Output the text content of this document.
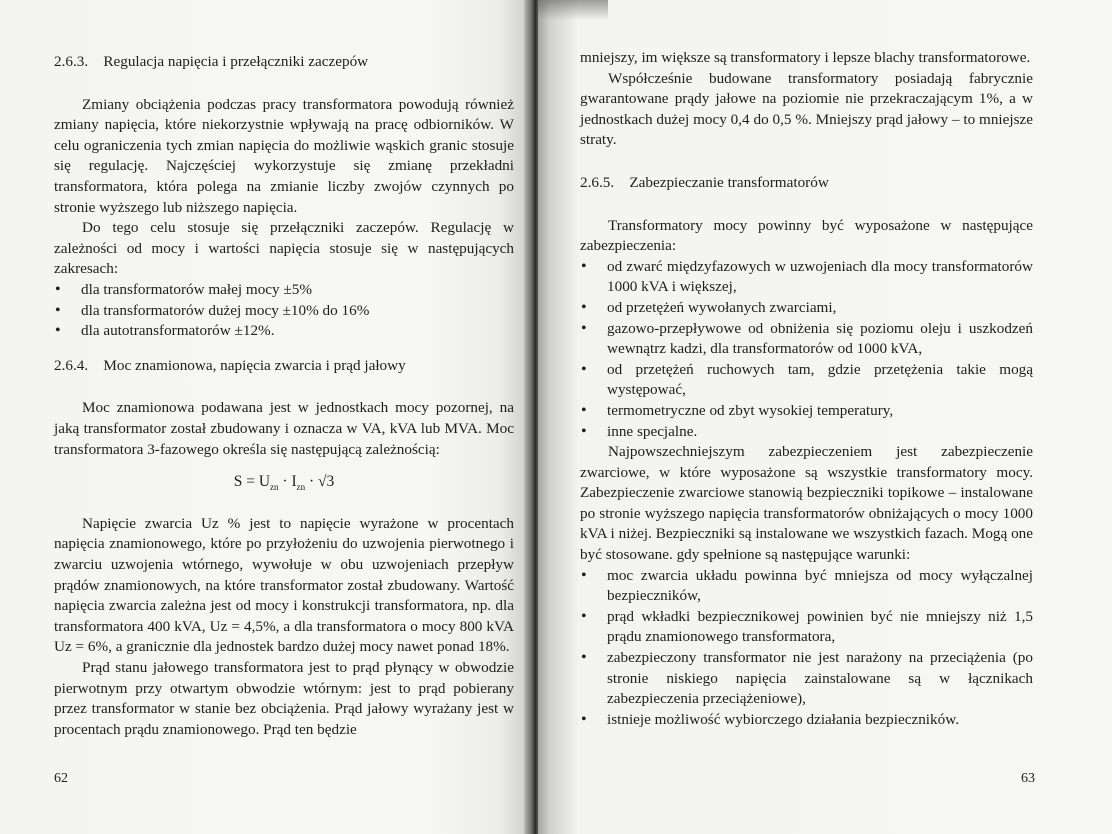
2.6.3. Regulacja napięcia i przełączniki zaczepów

Zmiany obciążenia podczas pracy transformatora powodują również zmiany napięcia, które niekorzystnie wpływają na pracę odbiorników. W celu ograniczenia tych zmian napięcia do możliwie wąskich granic stosuje się regulację. Najczęściej wykorzystuje się zmianę przekładni transformatora, która polega na zmianie liczby zwojów czynnych po stronie wyższego lub niższego napięcia.

Do tego celu stosuje się przełączniki zaczepów. Regulację w zależności od mocy i wartości napięcia stosuje się w następujących zakresach:

• dla transformatorów małej mocy ±5%
• dla transformatorów dużej mocy ±10% do 16%
• dla autotransformatorów ±12%.
2.6.4. Moc znamionowa, napięcia zwarcia i prąd jałowy

Moc znamionowa podawana jest w jednostkach mocy pozornej, na jaką transformator został zbudowany i oznacza w VA, kVA lub MVA. Moc transformatora 3-fazowego określa się następującą zależnością:

$S = U_{zn} \cdot I_{zn} \cdot √3$

Napięcie zwarcia Uz % jest to napięcie wyrażone w procentach napięcia znamionowego, które po przyłożeniu do uzwojenia pierwotnego i zwarciu uzwojenia wtórnego, wywołuje w obu uzwojeniach przepływ prądów znamionowych, na które transformator został zbudowany. Wartość napięcia zwarcia zależna jest od mocy i konstrukcji transformatora, np. dla transformatora 400 kVA, Uz = 4,5%, a dla transformatora o mocy 800 kVA Uz = 6%, a granicznie dla jednostek bardzo dużej mocy nawet ponad 18%.

Prąd stanu jałowego transformatora jest to prąd płynący w obwodzie pierwotnym przy otwartym obwodzie wtórnym: jest to prąd pobierany przez transformator w stanie bez obciążenia. Prąd jałowy wyrażany jest w procentach prądu znamionowego. Prąd ten będzie

62	63

mniejszy, im większe są transformatory i lepsze blachy transformatorowe.

Współcześnie budowane transformatory posiadają fabrycznie gwarantowane prądy jałowe na poziomie nie przekraczającym 1%, a w jednostkach dużej mocy 0,4 do 0,5 %. Mniejszy prąd jałowy – to mniejsze straty.

2.6.5. Zabezpieczanie transformatorów

Transformatory mocy powinny być wyposażone w następujące zabezpieczenia:

• od zwarć międzyfazowych w uzwojeniach dla mocy transformatorów 1000 kVA i większej,
• od przetężeń wywołanych zwarciami,
• gazowo-przepływowe od obniżenia się poziomu oleju i uszkodzeń wewnątrz kadzi, dla transformatorów od 1000 kVA,
• od przetężeń ruchowych tam, gdzie przetężenia takie mogą występować,
• termometryczne od zbyt wysokiej temperatury,
• inne specjalne.

Najpowszechniejszym zabezpieczeniem jest zabezpieczenie zwarciowe, w które wyposażone są wszystkie transformatory mocy. Zabezpieczenie zwarciowe stanowią bezpieczniki topikowe – instalowane po stronie wyższego napięcia transformatorów obniżających o mocy 1000 kVA i niżej. Bezpieczniki są instalowane we wszystkich fazach. Mogą one być stosowane. gdy spełnione są następujące warunki:

• moc zwarcia układu powinna być mniejsza od mocy wyłączalnej bezpieczników,
• prąd wkładki bezpiecznikowej powinien być nie mniejszy niż 1,5 prądu znamionowego transformatora,
• zabezpieczony transformator nie jest narażony na przeciążenia (po stronie niskiego napięcia zainstalowane są w łącznikach zabezpieczenia przeciążeniowe),
• istnieje możliwość wybiorczego działania bezpieczników.
